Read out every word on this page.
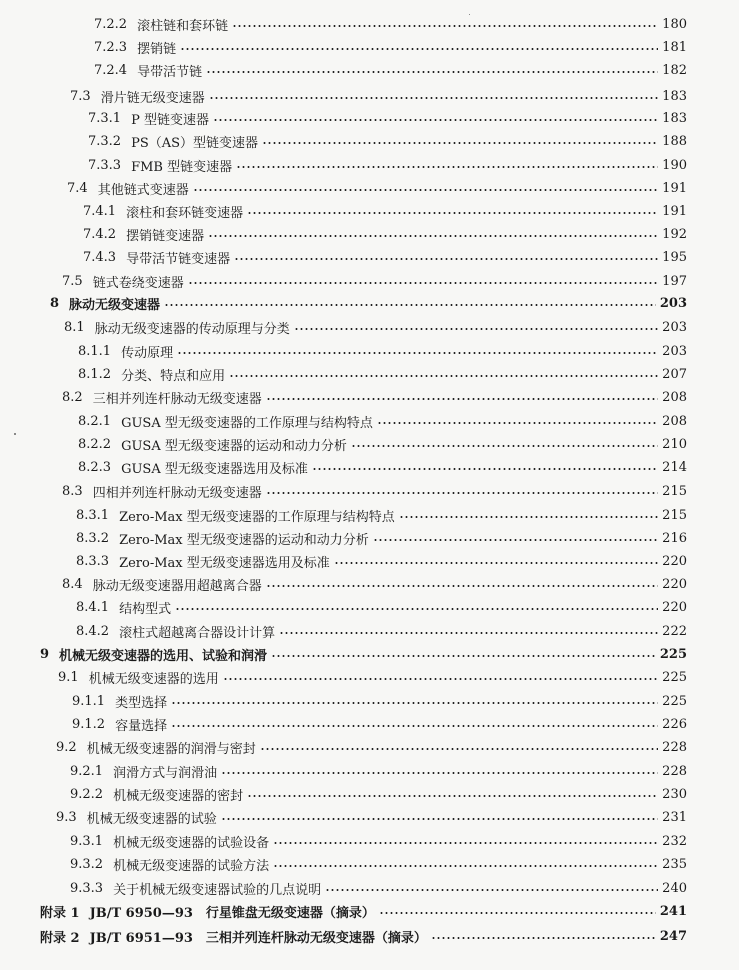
7.2.2 滚柱链和套环链	180
7.2.3 摆销链	181
7.2.4 导带活节链	182
7.3 滑片链无级变速器	183
7.3.1 P 型链变速器	183
7.3.2 PS（AS）型链变速器	188
7.3.3 FMB 型链变速器	190
7.4 其他链式变速器	191
7.4.1 滚柱和套环链变速器	191
7.4.2 摆销链变速器	192
7.4.3 导带活节链变速器	195
7.5 链式卷绕变速器	197
8 脉动无级变速器	203
8.1 脉动无级变速器的传动原理与分类	203
8.1.1 传动原理	203
8.1.2 分类、特点和应用	207
8.2 三相并列连杆脉动无级变速器	208
8.2.1 GUSA 型无级变速器的工作原理与结构特点	208
8.2.2 GUSA 型无级变速器的运动和动力分析	210
8.2.3 GUSA 型无级变速器选用及标准	214
8.3 四相并列连杆脉动无级变速器	215
8.3.1 Zero-Max 型无级变速器的工作原理与结构特点	215
8.3.2 Zero-Max 型无级变速器的运动和动力分析	216
8.3.3 Zero-Max 型无级变速器选用及标准	220
8.4 脉动无级变速器用超越离合器	220
8.4.1 结构型式	220
8.4.2 滚柱式超越离合器设计计算	222
9 机械无级变速器的选用、试验和润滑	225
9.1 机械无级变速器的选用	225
9.1.1 类型选择	225
9.1.2 容量选择	226
9.2 机械无级变速器的润滑与密封	228
9.2.1 润滑方式与润滑油	228
9.2.2 机械无级变速器的密封	230
9.3 机械无级变速器的试验	231
9.3.1 机械无级变速器的试验设备	232
9.3.2 机械无级变速器的试验方法	235
9.3.3 关于机械无级变速器试验的几点说明	240
附录 1 JB/T 6950—93　行星锥盘无级变速器（摘录）	241
附录 2 JB/T 6951—93　三相并列连杆脉动无级变速器（摘录）	247
